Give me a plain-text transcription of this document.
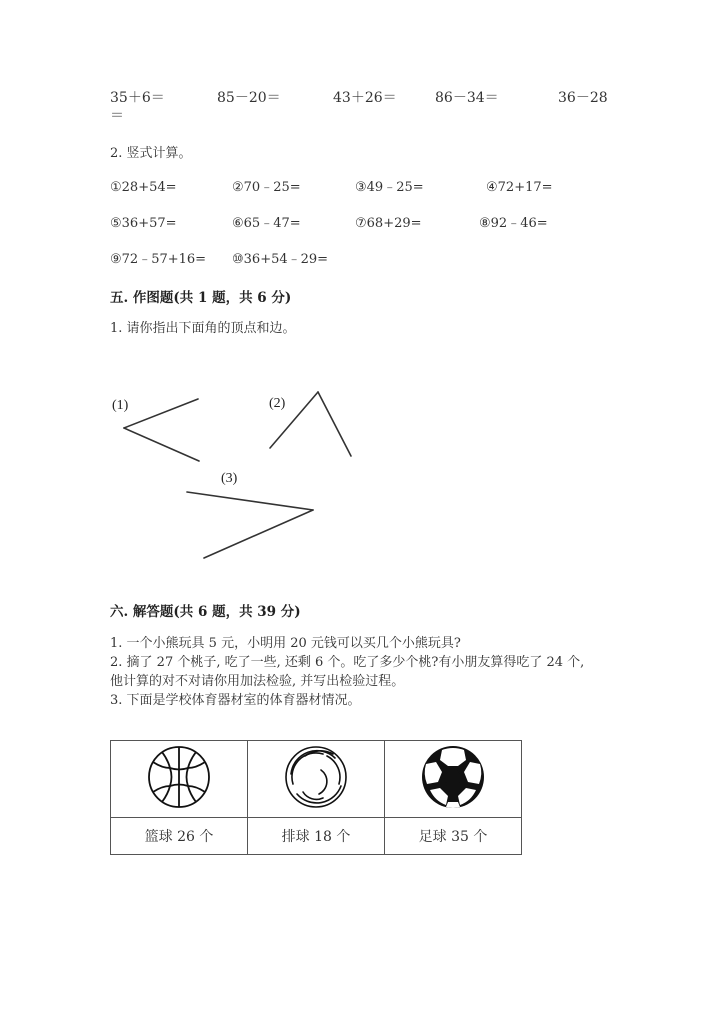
35＋6＝	85－20＝	43＋26＝	86－34＝	36－28
＝
2. 竖式计算。
①28+54=	②70﹣25=	③49﹣25=	④72+17=
⑤36+57=	⑥65﹣47=	⑦68+29=	⑧92﹣46=
⑨72﹣57+16= ⑩36+54﹣29=
五. 作图题(共 1 题，共 6 分)
1. 请你指出下面角的顶点和边。
(1)	(2)
(3)
六. 解答题(共 6 题，共 39 分)
1. 一个小熊玩具 5 元，小明用 20 元钱可以买几个小熊玩具?
2. 摘了 27 个桃子, 吃了一些, 还剩 6 个。吃了多少个桃?有小朋友算得吃了 24 个,
他计算的对不对请你用加法检验, 并写出检验过程。
3. 下面是学校体育器材室的体育器材情况。

篮球 26 个	排球 18 个	足球 35 个
